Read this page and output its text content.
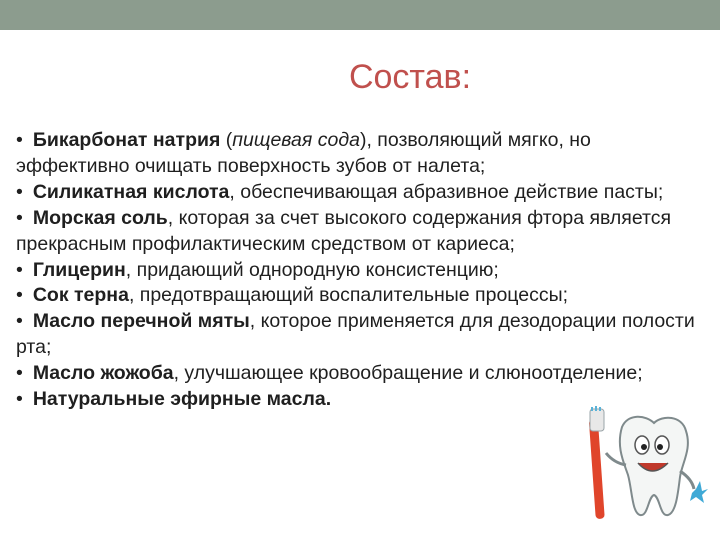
Состав:

• Бикарбонат натрия (пищевая сода), позволяющий мягко, но эффективно очищать поверхность зубов от налета;

• Силикатная кислота, обеспечивающая абразивное действие пасты;

• Морская соль, которая за счет высокого содержания фтора является прекрасным профилактическим средством от кариеса;

• Глицерин, придающий однородную консистенцию;

• Сок терна, предотвращающий воспалительные процессы;

• Масло перечной мяты, которое применяется для дезодорации полости рта;

• Масло жожоба, улучшающее кровообращение и слюноотделение;

• Натуральные эфирные масла.
